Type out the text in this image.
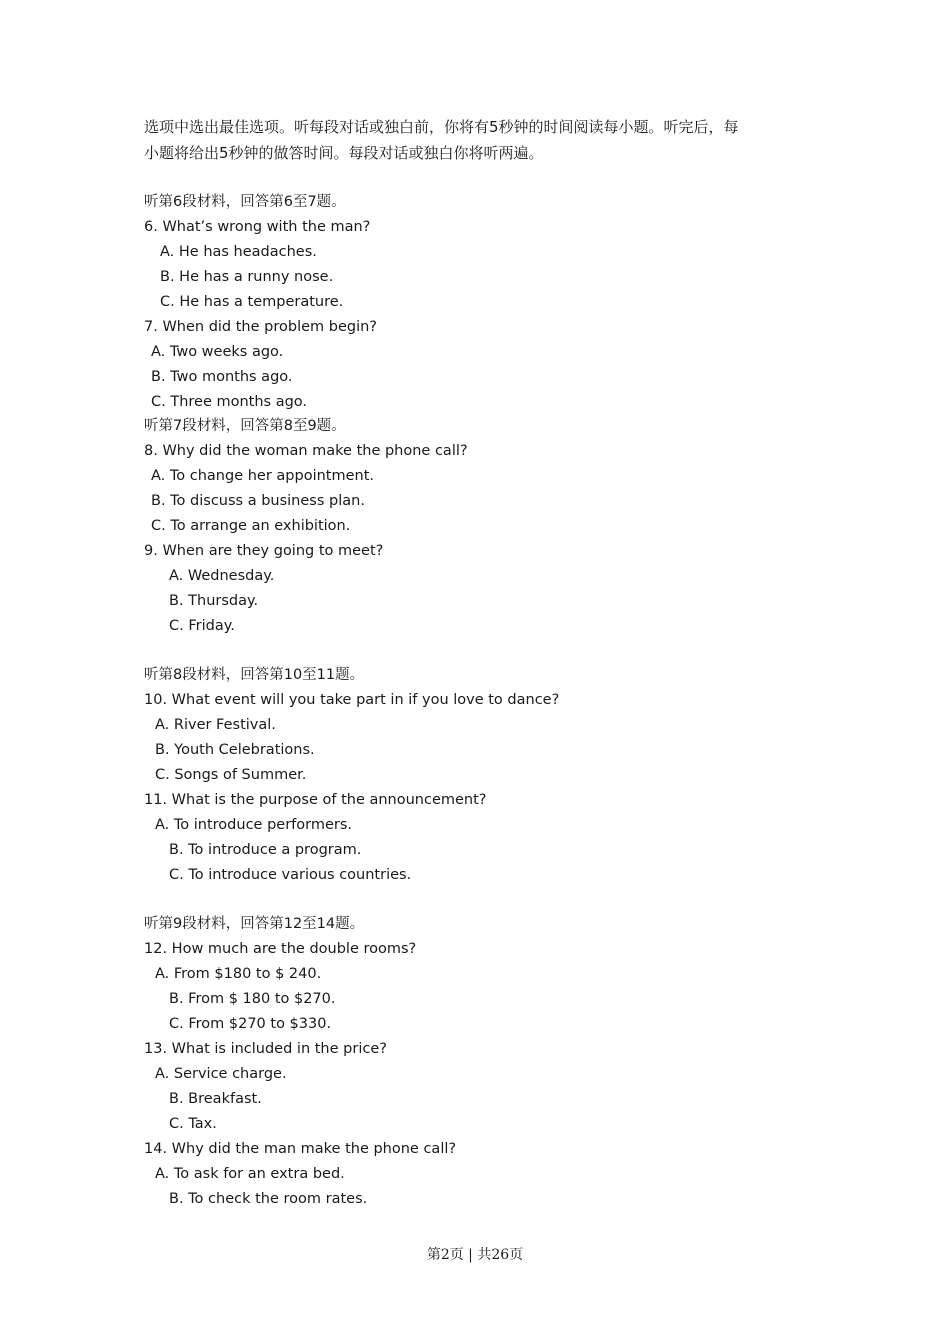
选项中选出最佳选项。听每段对话或独白前，你将有5秒钟的时间阅读每小题。听完后，每
小题将给出5秒钟的做答时间。每段对话或独白你将听两遍。
听第6段材料，回答第6至7题。
6. What’s wrong with the man?
A. He has headaches.
B. He has a runny nose.
C. He has a temperature.
7. When did the problem begin?
A. Two weeks ago.
B. Two months ago.
C. Three months ago.
听第7段材料，回答第8至9题。
8. Why did the woman make the phone call?
A. To change her appointment.
B. To discuss a business plan.
C. To arrange an exhibition.
9. When are they going to meet?
A. Wednesday.
B. Thursday.
C. Friday.
听第8段材料，回答第10至11题。
10. What event will you take part in if you love to dance?
A. River Festival.
B. Youth Celebrations.
C. Songs of Summer.
11. What is the purpose of the announcement?
A. To introduce performers.
B. To introduce a program.
C. To introduce various countries.
听第9段材料，回答第12至14题。
12. How much are the double rooms?
A. From $180 to $ 240.
B. From $ 180 to $270.
C. From $270 to $330.
13. What is included in the price?
A. Service charge.
B. Breakfast.
C. Tax.
14. Why did the man make the phone call?
A. To ask for an extra bed.
B. To check the room rates.
第2页 | 共26页
